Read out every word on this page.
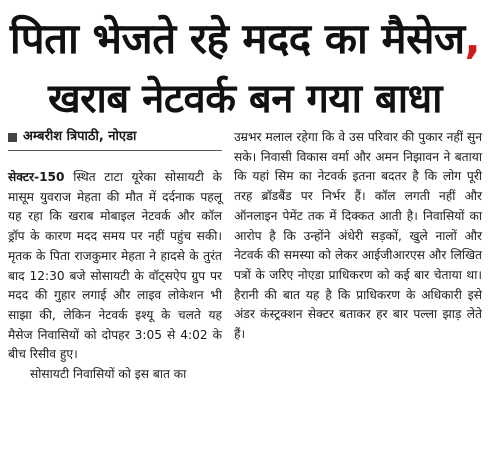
पिता भेजते रहे मदद का मैसेज,
खराब नेटवर्क बन गया बाधा
अम्बरीश त्रिपाठी, नोएडा

सेक्टर-150 स्थित टाटा यूरेका सोसायटी के मासूम युवराज मेहता की मौत में दर्दनाक पहलू यह रहा कि खराब मोबाइल नेटवर्क और कॉल ड्रॉप के कारण मदद समय पर नहीं पहुंच सकी। मृतक के पिता राजकुमार मेहता ने हादसे के तुरंत बाद 12:30 बजे सोसायटी के वॉट्सऐप ग्रुप पर मदद की गुहार लगाई और लाइव लोकेशन भी साझा की, लेकिन नेटवर्क इश्यू के चलते यह मैसेज निवासियों को दोपहर 3:05 से 4:02 के बीच रिसीव हुए।

सोसायटी निवासियों को इस बात का

उम्रभर मलाल रहेगा कि वे उस परिवार की पुकार नहीं सुन सके। निवासी विकास वर्मा और अमन निझावन ने बताया कि यहां सिम का नेटवर्क इतना बदतर है कि लोग पूरी तरह ब्रॉडबैंड पर निर्भर हैं। कॉल लगती नहीं और ऑनलाइन पेमेंट तक में दिक्कत आती है। निवासियों का आरोप है कि उन्होंने अंधेरी सड़कों, खुले नालों और नेटवर्क की समस्या को लेकर आईजीआरएस और लिखित पत्रों के जरिए नोएडा प्राधिकरण को कई बार चेताया था। हैरानी की बात यह है कि प्राधिकरण के अधिकारी इसे अंडर कंस्ट्रक्शन सेक्टर बताकर हर बार पल्ला झाड़ लेते हैं।
